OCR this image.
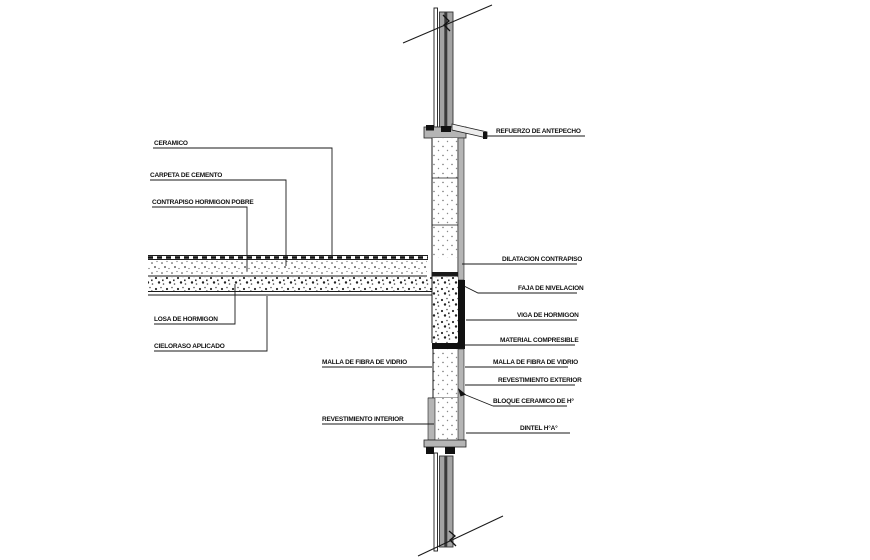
CERAMICO
CARPETA DE CEMENTO
CONTRAPISO HORMIGON POBRE
LOSA DE HORMIGON
CIELORASO APLICADO
MALLA DE FIBRA DE VIDRIO
REVESTIMIENTO INTERIOR
REFUERZO DE ANTEPECHO
DILATACION CONTRAPISO
FAJA DE NIVELACION
VIGA DE HORMIGON
MATERIAL COMPRESIBLE
MALLA DE FIBRA DE VIDRIO
REVESTIMIENTO EXTERIOR
BLOQUE CERAMICO DE H°
DINTEL H°A°
